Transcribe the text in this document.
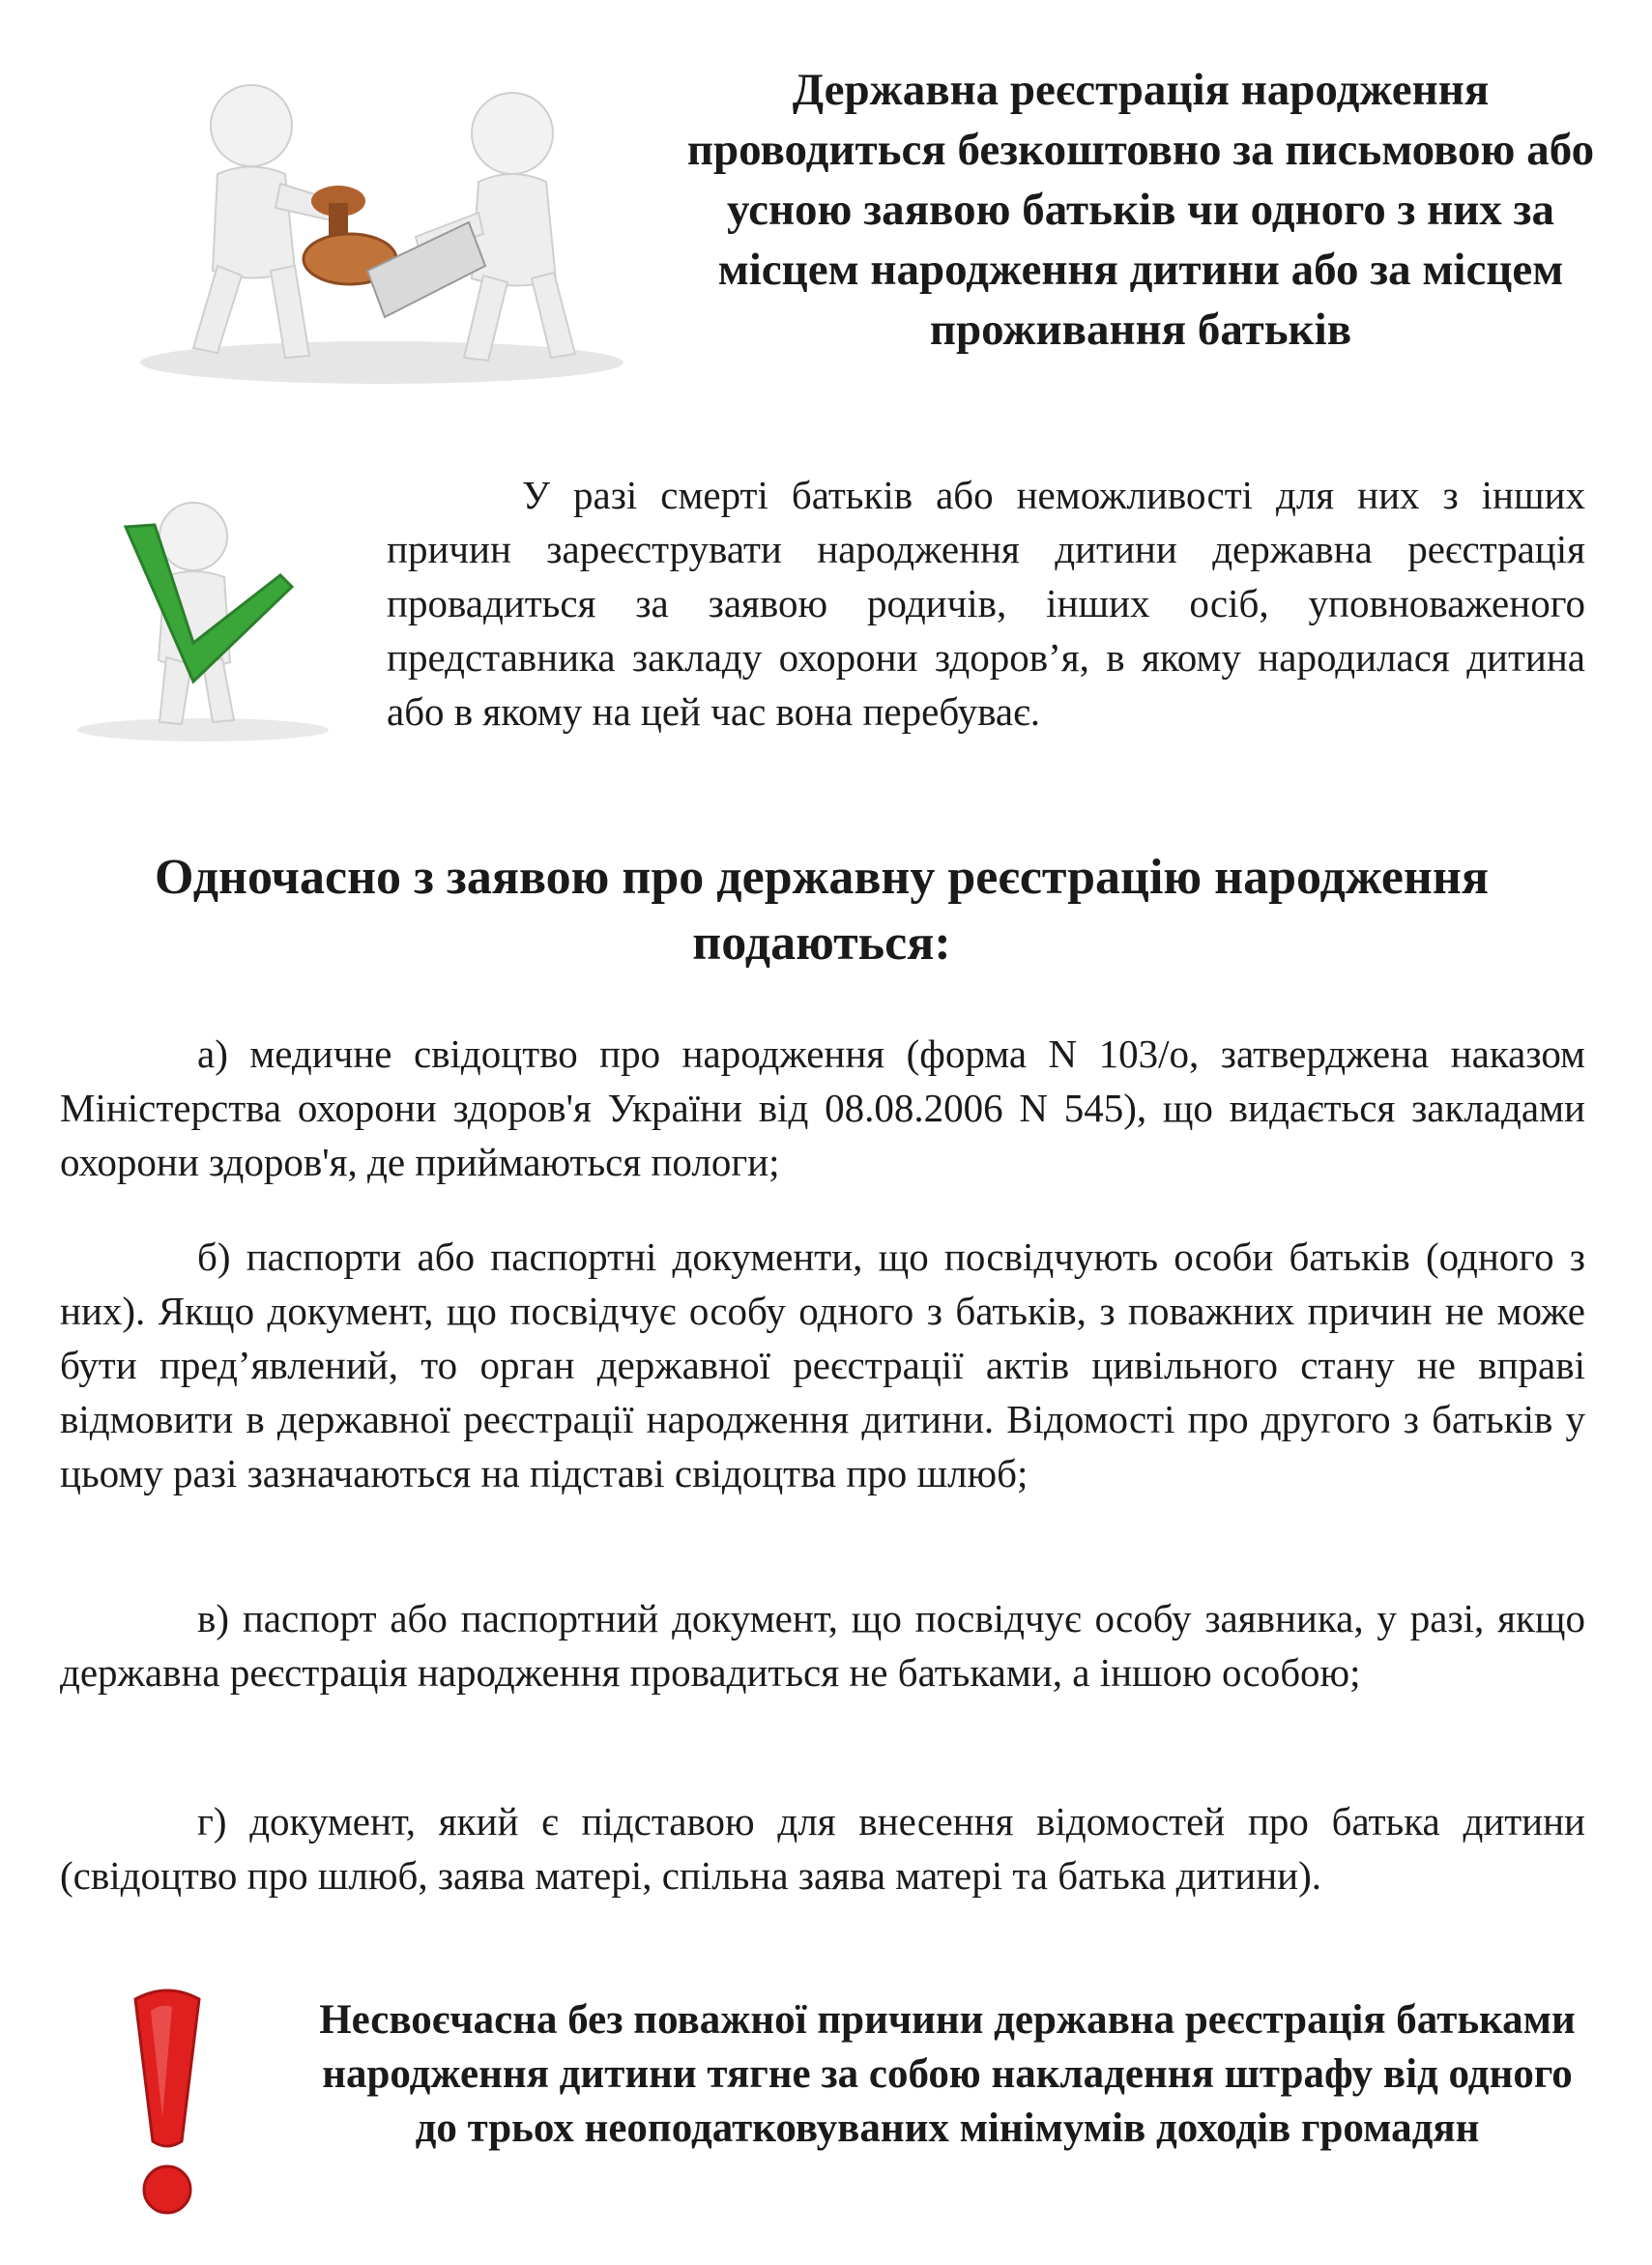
Державна реєстрація народження проводиться безкоштовно за письмовою або усною заявою батьків чи одного з них за місцем народження дитини або за місцем проживання батьків
У разі смерті батьків або неможливості для них з інших причин зареєструвати народження дитини державна реєстрація провадиться за заявою родичів, інших осіб, уповноваженого представника закладу охорони здоров’я, в якому народилася дитина або в якому на цей час вона перебуває.
Одночасно з заявою про державну реєстрацію народження подаються:
а) медичне свідоцтво про народження (форма N 103/о, затверджена наказом Міністерства охорони здоров'я України від 08.08.2006 N 545), що видається закладами охорони здоров'я, де приймаються пологи;
б) паспорти або паспортні документи, що посвідчують особи батьків (одного з них). Якщо документ, що посвідчує особу одного з батьків, з поважних причин не може бути пред’явлений, то орган державної реєстрації актів цивільного стану не вправі відмовити в державної реєстрації народження дитини. Відомості про другого з батьків у цьому разі зазначаються на підставі свідоцтва про шлюб;
в) паспорт або паспортний документ, що посвідчує особу заявника, у разі, якщо державна реєстрація народження провадиться не батьками, а іншою особою;
г) документ, який є підставою для внесення відомостей про батька дитини (свідоцтво про шлюб, заява матері, спільна заява матері та батька дитини).
Несвоєчасна без поважної причини державна реєстрація батьками народження дитини тягне за собою накладення штрафу від одного до трьох неоподатковуваних мінімумів доходів громадян
